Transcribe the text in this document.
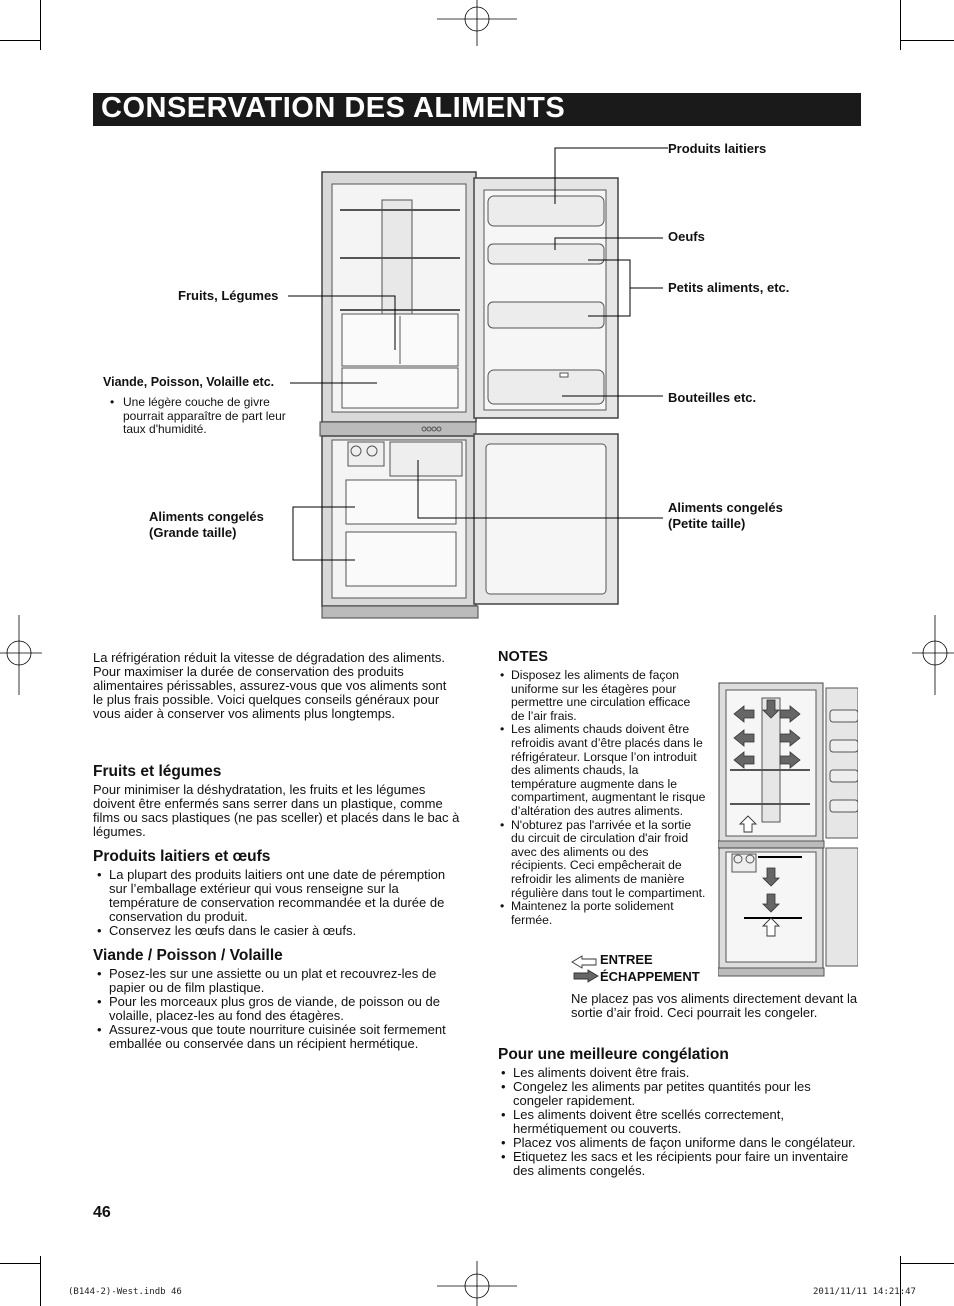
CONSERVATION DES ALIMENTS
Produits laitiers
Oeufs
Petits aliments, etc.
Bouteilles etc.
Fruits, Légumes
Viande, Poisson, Volaille etc.
• Une légère couche de givre pourrait apparaître de part leur taux d'humidité.
Aliments congelés
(Grande taille)
Aliments congelés
(Petite taille)
La réfrigération réduit la vitesse de dégradation des aliments. Pour maximiser la durée de conservation des produits alimentaires périssables, assurez-vous que vos aliments sont le plus frais possible. Voici quelques conseils généraux pour vous aider à conserver vos aliments plus longtemps.
Fruits et légumes
Pour minimiser la déshydratation, les fruits et les légumes doivent être enfermés sans serrer dans un plastique, comme films ou sacs plastiques (ne pas sceller) et placés dans le bac à légumes.
Produits laitiers et œufs
• La plupart des produits laitiers ont une date de péremption sur l’emballage extérieur qui vous renseigne sur la température de conservation recommandée et la durée de conservation du produit.
• Conservez les œufs dans le casier à œufs.
Viande / Poisson / Volaille
• Posez-les sur une assiette ou un plat et recouvrez-les de papier ou de film plastique.
• Pour les morceaux plus gros de viande, de poisson ou de volaille, placez-les au fond des étagères.
• Assurez-vous que toute nourriture cuisinée soit fermement emballée ou conservée dans un récipient hermétique.
NOTES
• Disposez les aliments de façon uniforme sur les étagères pour permettre une circulation efficace de l’air frais.
• Les aliments chauds doivent être refroidis avant d’être placés dans le réfrigérateur. Lorsque l’on introduit des aliments chauds, la température augmente dans le compartiment, augmentant le risque d’altération des autres aliments.
• N'obturez pas l'arrivée et la sortie du circuit de circulation d'air froid avec des aliments ou des récipients. Ceci empêcherait de refroidir les aliments de manière régulière dans tout le compartiment.
• Maintenez la porte solidement fermée.
ENTREE
ÉCHAPPEMENT
Ne placez pas vos aliments directement devant la sortie d’air froid. Ceci pourrait les congeler.
Pour une meilleure congélation
• Les aliments doivent être frais.
• Congelez les aliments par petites quantités pour les congeler rapidement.
• Les aliments doivent être scellés correctement, hermétiquement ou couverts.
• Placez vos aliments de façon uniforme dans le congélateur.
• Etiquetez les sacs et les récipients pour faire un inventaire des aliments congelés.
46
(B144-2)-West.indb 46	2011/11/11 14:21:47
